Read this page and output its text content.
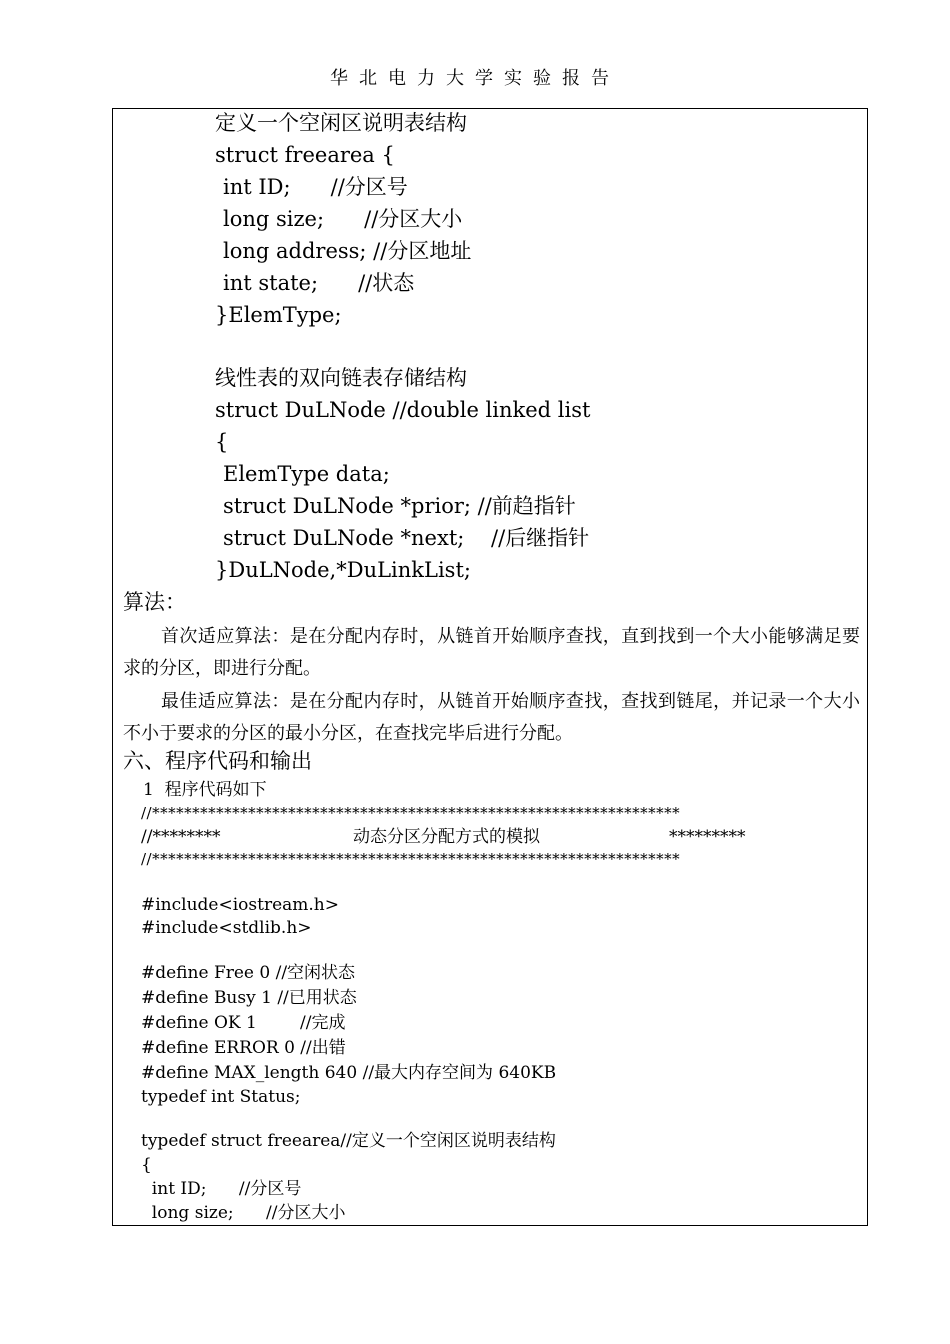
华北电力大学实验报告
定义一个空闲区说明表结构
struct freearea {
int ID;      //分区号
long size;      //分区大小
long address; //分区地址
int state;      //状态
}ElemType;
线性表的双向链表存储结构
struct DuLNode //double linked list
{
ElemType data;
struct DuLNode *prior; //前趋指针
struct DuLNode *next;    //后继指针
}DuLNode,*DuLinkList;
算法：
首次适应算法：是在分配内存时，从链首开始顺序查找，直到找到一个大小能够满足要求的分区，即进行分配。
最佳适应算法：是在分配内存时，从链首开始顺序查找，查找到链尾，并记录一个大小不小于要求的分区的最小分区，在查找完毕后进行分配。
六、程序代码和输出
1  程序代码如下
//******************************************************************
//********	动态分区分配方式的模拟	*********
//******************************************************************
#include<iostream.h>
#include<stdlib.h>
#define Free 0 //空闲状态
#define Busy 1 //已用状态
#define OK 1        //完成
#define ERROR 0 //出错
#define MAX_length 640 //最大内存空间为 640KB
typedef int Status;
typedef struct freearea//定义一个空闲区说明表结构
{
int ID;      //分区号
long size;      //分区大小
